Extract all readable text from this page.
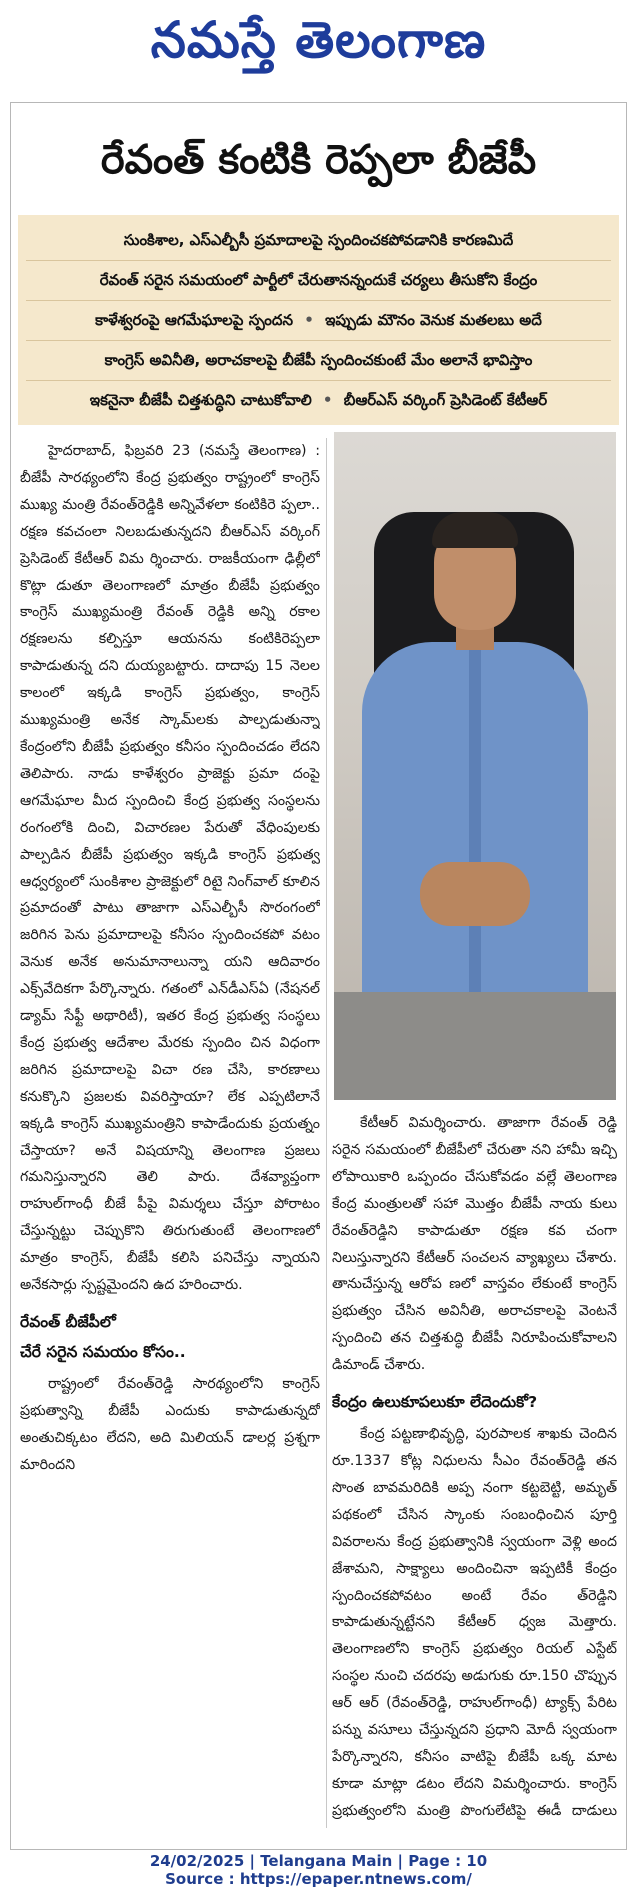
నమస్తే తెలంగాణ
రేవంత్ కంటికి రెప్పలా బీజేపీ
సుంకిశాల, ఎస్ఎల్బీసీ ప్రమాదాలపై స్పందించకపోవడానికి కారణమిదే
రేవంత్ సరైన సమయంలో పార్టీలో చేరుతానన్నందుకే చర్యలు తీసుకోని కేంద్రం
కాళేశ్వరంపై ఆగమేఘాలపై స్పందన • ఇప్పుడు మౌనం వెనుక మతలబు అదే
కాంగ్రెస్ అవినీతి, అరాచకాలపై బీజేపీ స్పందించకుంటే మేం అలానే భావిస్తాం
ఇకనైనా బీజేపీ చిత్తశుద్ధిని చాటుకోవాలి • బీఆర్ఎస్ వర్కింగ్ ప్రెసిడెంట్ కేటీఆర్

హైదరాబాద్, ఫిబ్రవరి 23 (నమస్తే తెలంగాణ) : బీజేపీ సారథ్యంలోని కేంద్ర ప్రభుత్వం రాష్ట్రంలో కాంగ్రెస్ ముఖ్య మంత్రి రేవంత్‌రెడ్డికి అన్నివేళలా కంటికిరె ప్పలా.. రక్షణ కవచంలా నిలబడుతున్నదని బీఆర్ఎస్ వర్కింగ్ ప్రెసిడెంట్ కేటీఆర్ విమ ర్శించారు. రాజకీయంగా ఢిల్లీలో కొట్లా డుతూ తెలంగాణలో మాత్రం బీజేపీ ప్రభుత్వం కాంగ్రెస్ ముఖ్యమంత్రి రేవంత్ రెడ్డికి అన్ని రకాల రక్షణలను కల్పిస్తూ ఆయనను కంటికిరెప్పలా కాపాడుతున్న దని దుయ్యబట్టారు. దాదాపు 15 నెలల కాలంలో ఇక్కడి కాంగ్రెస్ ప్రభుత్వం, కాంగ్రెస్ ముఖ్యమంత్రి అనేక స్కామ్‌లకు పాల్పడుతున్నా కేంద్రంలోని బీజేపీ ప్రభుత్వం కనీసం స్పందించడం లేదని తెలిపారు. నాడు కాళేశ్వరం ప్రాజెక్టు ప్రమా దంపై ఆగమేఘాల మీద స్పందించి కేంద్ర ప్రభుత్వ సంస్థలను రంగంలోకి దించి, విచారణల పేరుతో వేధింపులకు పాల్పడిన బీజేపీ ప్రభుత్వం ఇక్కడి కాంగ్రెస్ ప్రభుత్వ ఆధ్వర్యంలో సుంకిశాల ప్రాజెక్టులో రిటై నింగ్‌వాల్ కూలిన ప్రమాదంతో పాటు తాజాగా ఎస్ఎల్బీసీ సొరంగంలో జరిగిన పెను ప్రమాదాలపై కనీసం స్పందించకపో వటం వెనుక అనేక అనుమానాలున్నా యని ఆదివారం ఎక్స్‌వేదికగా పేర్కొన్నారు. గతంలో ఎన్‌డీఎస్ఏ (నేషనల్ డ్యామ్ సేఫ్టీ అథారిటీ), ఇతర కేంద్ర ప్రభుత్వ సంస్థలు కేంద్ర ప్రభుత్వ ఆదేశాల మేరకు స్పందిం చిన విధంగా జరిగిన ప్రమాదాలపై విచా రణ చేసి, కారణాలు కనుక్కొని ప్రజలకు వివరిస్తాయా? లేక ఎప్పటిలానే ఇక్కడి కాంగ్రెస్ ముఖ్యమంత్రిని కాపాడేందుకు ప్రయత్నం చేస్తాయా? అనే విషయాన్ని తెలంగాణ ప్రజలు గమనిస్తున్నారని తెలి పారు. దేశవ్యాప్తంగా రాహుల్‌గాంధీ బీజే పీపై విమర్శలు చేస్తూ పోరాటం చేస్తున్నట్టు చెప్పుకొని తిరుగుతుంటే తెలంగాణలో మాత్రం కాంగ్రెస్, బీజేపీ కలిసి పనిచేస్తు న్నాయని అనేకసార్లు స్పష్టమైందని ఉద హరించారు.

రేవంత్ బీజేపీలో
చేరే సరైన సమయం కోసం..

రాష్ట్రంలో రేవంత్‌రెడ్డి సారథ్యంలోని కాంగ్రెస్ ప్రభుత్వాన్ని బీజేపీ ఎందుకు కాపాడుతున్నదో అంతుచిక్కటం లేదని, అది మిలియన్ డాలర్ల ప్రశ్నగా మారిందని

కేటీఆర్ విమర్శించారు. తాజాగా రేవంత్ రెడ్డి సరైన సమయంలో బీజేపీలో చేరుతా నని హామీ ఇచ్చి లోపాయికారి ఒప్పందం చేసుకోవడం వల్లే తెలంగాణ కేంద్ర మంత్రులతో సహా మొత్తం బీజేపీ నాయ కులు రేవంత్‌రెడ్డిని కాపాడుతూ రక్షణ కవ చంగా నిలుస్తున్నారని కేటీఆర్ సంచలన వ్యాఖ్యలు చేశారు. తానుచేస్తున్న ఆరోప ణలో వాస్తవం లేకుంటే కాంగ్రెస్ ప్రభుత్వం చేసిన అవినీతి, అరాచకాలపై వెంటనే స్పందించి తన చిత్తశుద్ధి బీజేపీ నిరూపించుకోవాలని డిమాండ్ చేశారు.

కేంద్రం ఉలుకూపలుకూ లేదెందుకో?

కేంద్ర పట్టణాభివృద్ధి, పురపాలక శాఖకు చెందిన రూ.1337 కోట్ల నిధులను సీఎం రేవంత్‌రెడ్డి తన సొంత బావమరిదికి అప్ప నంగా కట్టబెట్టి, అమృత్ పథకంలో చేసిన స్కాంకు సంబంధించిన పూర్తి వివరాలను కేంద్ర ప్రభుత్వానికి స్వయంగా వెళ్లి అంద జేశామని, సాక్ష్యాలు అందించినా ఇప్పటికీ కేంద్రం స్పందించకపోవటం అంటే రేవం త్‌రెడ్డిని కాపాడుతున్నట్టేనని కేటీఆర్ ధ్వజ మెత్తారు. తెలంగాణలోని కాంగ్రెస్ ప్రభుత్వం రియల్ ఎస్టేట్ సంస్థల నుంచి చదరపు అడుగుకు రూ.150 చొప్పున ఆర్ ఆర్ (రేవంత్‌రెడ్డి, రాహుల్‌గాంధీ) ట్యాక్స్ పేరిట పన్ను వసూలు చేస్తున్నదని ప్రధాని మోదీ స్వయంగా పేర్కొన్నారని, కనీసం వాటిపై బీజేపీ ఒక్క మాట కూడా మాట్లా డటం లేదని విమర్శించారు. కాంగ్రెస్ ప్రభుత్వంలోని మంత్రి పొంగులేటిపై ఈడీ దాడులు

24/02/2025 | Telangana Main | Page : 10
Source : https://epaper.ntnews.com/
